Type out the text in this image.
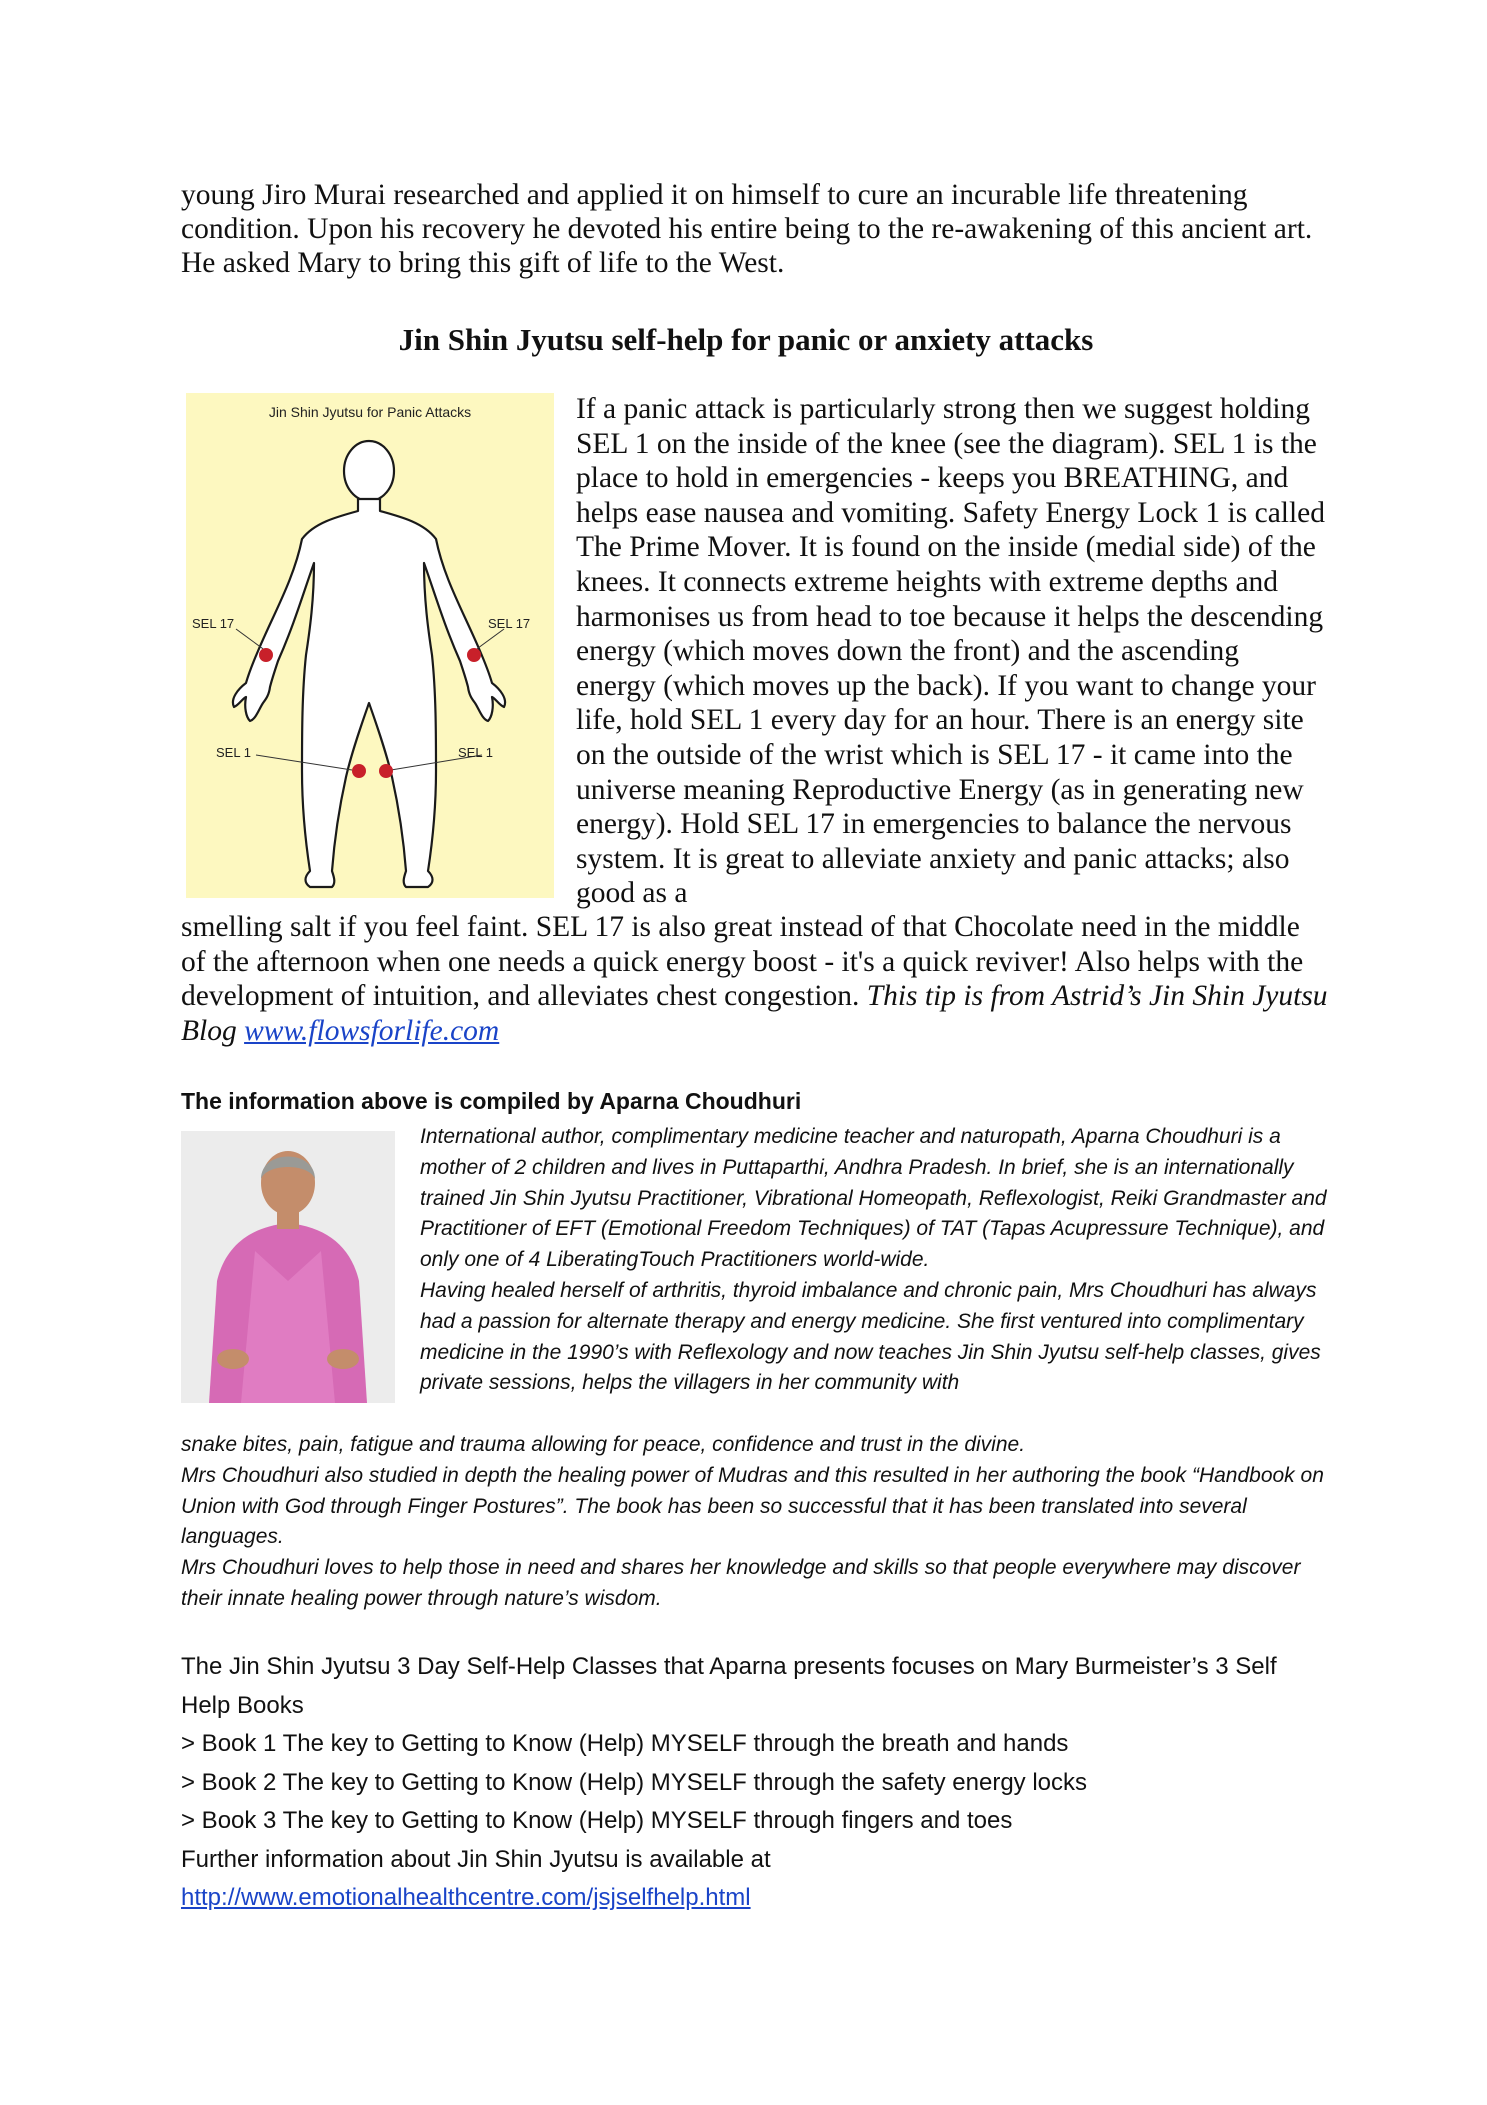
young Jiro Murai researched and applied it on himself to cure an incurable life threatening condition. Upon his recovery he devoted his entire being to the re-awakening of this ancient art. He asked Mary to bring this gift of life to the West.

Jin Shin Jyutsu self-help for panic or anxiety attacks
Jin Shin Jyutsu for Panic Attacks
SEL 17	SEL 17
SEL 1	SEL 1
If a panic attack is particularly strong then we suggest holding SEL 1 on the inside of the knee (see the diagram). SEL 1 is the place to hold in emergencies - keeps you BREATHING, and helps ease nausea and vomiting. Safety Energy Lock 1 is called The Prime Mover. It is found on the inside (medial side) of the knees. It connects extreme heights with extreme depths and harmonises us from head to toe because it helps the descending energy (which moves down the front) and the ascending energy (which moves up the back). If you want to change your life, hold SEL 1 every day for an hour. There is an energy site on the outside of the wrist which is SEL 17 - it came into the universe meaning Reproductive Energy (as in generating new energy). Hold SEL 17 in emergencies to balance the nervous system. It is great to alleviate anxiety and panic attacks; also good as a
smelling salt if you feel faint. SEL 17 is also great instead of that Chocolate need in the middle of the afternoon when one needs a quick energy boost - it's a quick reviver! Also helps with the development of intuition, and alleviates chest congestion. This tip is from Astrid’s Jin Shin Jyutsu Blog www.flowsforlife.com
The information above is compiled by Aparna Choudhuri

International author, complimentary medicine teacher and naturopath, Aparna Choudhuri is a mother of 2 children and lives in Puttaparthi, Andhra Pradesh. In brief, she is an internationally trained Jin Shin Jyutsu Practitioner, Vibrational Homeopath, Reflexologist, Reiki Grandmaster and Practitioner of EFT (Emotional Freedom Techniques) of TAT (Tapas Acupressure Technique), and only one of 4 LiberatingTouch Practitioners world-wide.

Having healed herself of arthritis, thyroid imbalance and chronic pain, Mrs Choudhuri has always had a passion for alternate therapy and energy medicine. She first ventured into complimentary medicine in the 1990’s with Reflexology and now teaches Jin Shin Jyutsu self-help classes, gives private sessions, helps the villagers in her community with

snake bites, pain, fatigue and trauma allowing for peace, confidence and trust in the divine.

Mrs Choudhuri also studied in depth the healing power of Mudras and this resulted in her authoring the book “Handbook on Union with God through Finger Postures”. The book has been so successful that it has been translated into several languages.

Mrs Choudhuri loves to help those in need and shares her knowledge and skills so that people everywhere may discover their innate healing power through nature’s wisdom.

The Jin Shin Jyutsu 3 Day Self-Help Classes that Aparna presents focuses on Mary Burmeister’s 3 Self Help Books

> Book 1 The key to Getting to Know (Help) MYSELF through the breath and hands

> Book 2 The key to Getting to Know (Help) MYSELF through the safety energy locks

> Book 3 The key to Getting to Know (Help) MYSELF through fingers and toes

Further information about Jin Shin Jyutsu is available at

http://www.emotionalhealthcentre.com/jsjselfhelp.html
